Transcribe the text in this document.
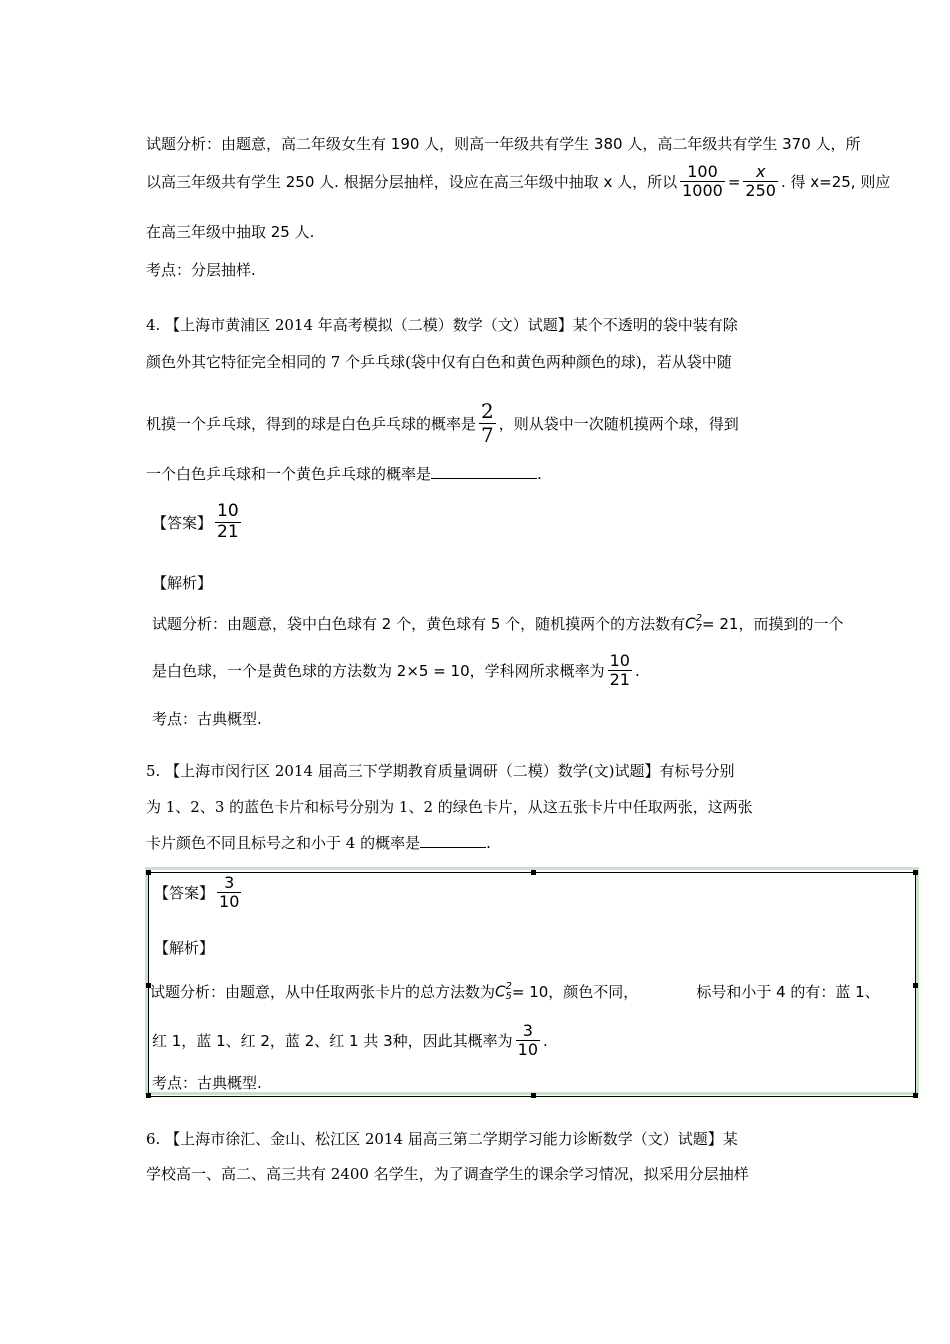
试题分析：由题意，高二年级女生有 190 人，则高一年级共有学生 380 人，高二年级共有学生 370 人，所
以高三年级共有学生 250 人. 根据分层抽样，设应在高三年级中抽取 x 人，所以 $\frac{100}{1000} = \frac{x}{250}$ . 得 x=25, 则应
在高三年级中抽取 25 人.
考点：分层抽样.
4. 【上海市黄浦区 2014 年高考模拟（二模）数学（文）试题】某个不透明的袋中装有除
颜色外其它特征完全相同的 7 个乒乓球(袋中仅有白色和黄色两种颜色的球)，若从袋中随
机摸一个乒乓球，得到的球是白色乒乓球的概率是 $\frac{2}{7}$ ，则从袋中一次随机摸两个球，得到
一个白色乒乓球和一个黄色乒乓球的概率是	.
【答案】 $\frac{10}{21}$
【解析】
试题分析：由题意，袋中白色球有 2 个，黄色球有 5 个，随机摸两个的方法数有 C 2
7 = 21，而摸到的一个
是白色球，一个是黄色球的方法数为 2×5 = 10，学科网所求概率为 $\frac{10}{21}$ .
考点：古典概型.
5. 【上海市闵行区 2014 届高三下学期教育质量调研（二模）数学(文)试题】有标号分别
为 1、2、3 的蓝色卡片和标号分别为 1、2 的绿色卡片，从这五张卡片中任取两张，这两张
卡片颜色不同且标号之和小于 4 的概率是	.
【答案】 $\frac{3}{10}$
【解析】
试题分析：由题意，从中任取两张卡片的总方法数为 C 2
5 = 10，颜色不同，	标号和小于 4 的有：蓝 1、
红 1，蓝 1、红 2，蓝 2、红 1 共 3种，因此其概率为 $\frac{3}{10}$ .
考点：古典概型.
6. 【上海市徐汇、金山、松江区 2014 届高三第二学期学习能力诊断数学（文）试题】某
学校高一、高二、高三共有 2400 名学生，为了调查学生的课余学习情况，拟采用分层抽样
